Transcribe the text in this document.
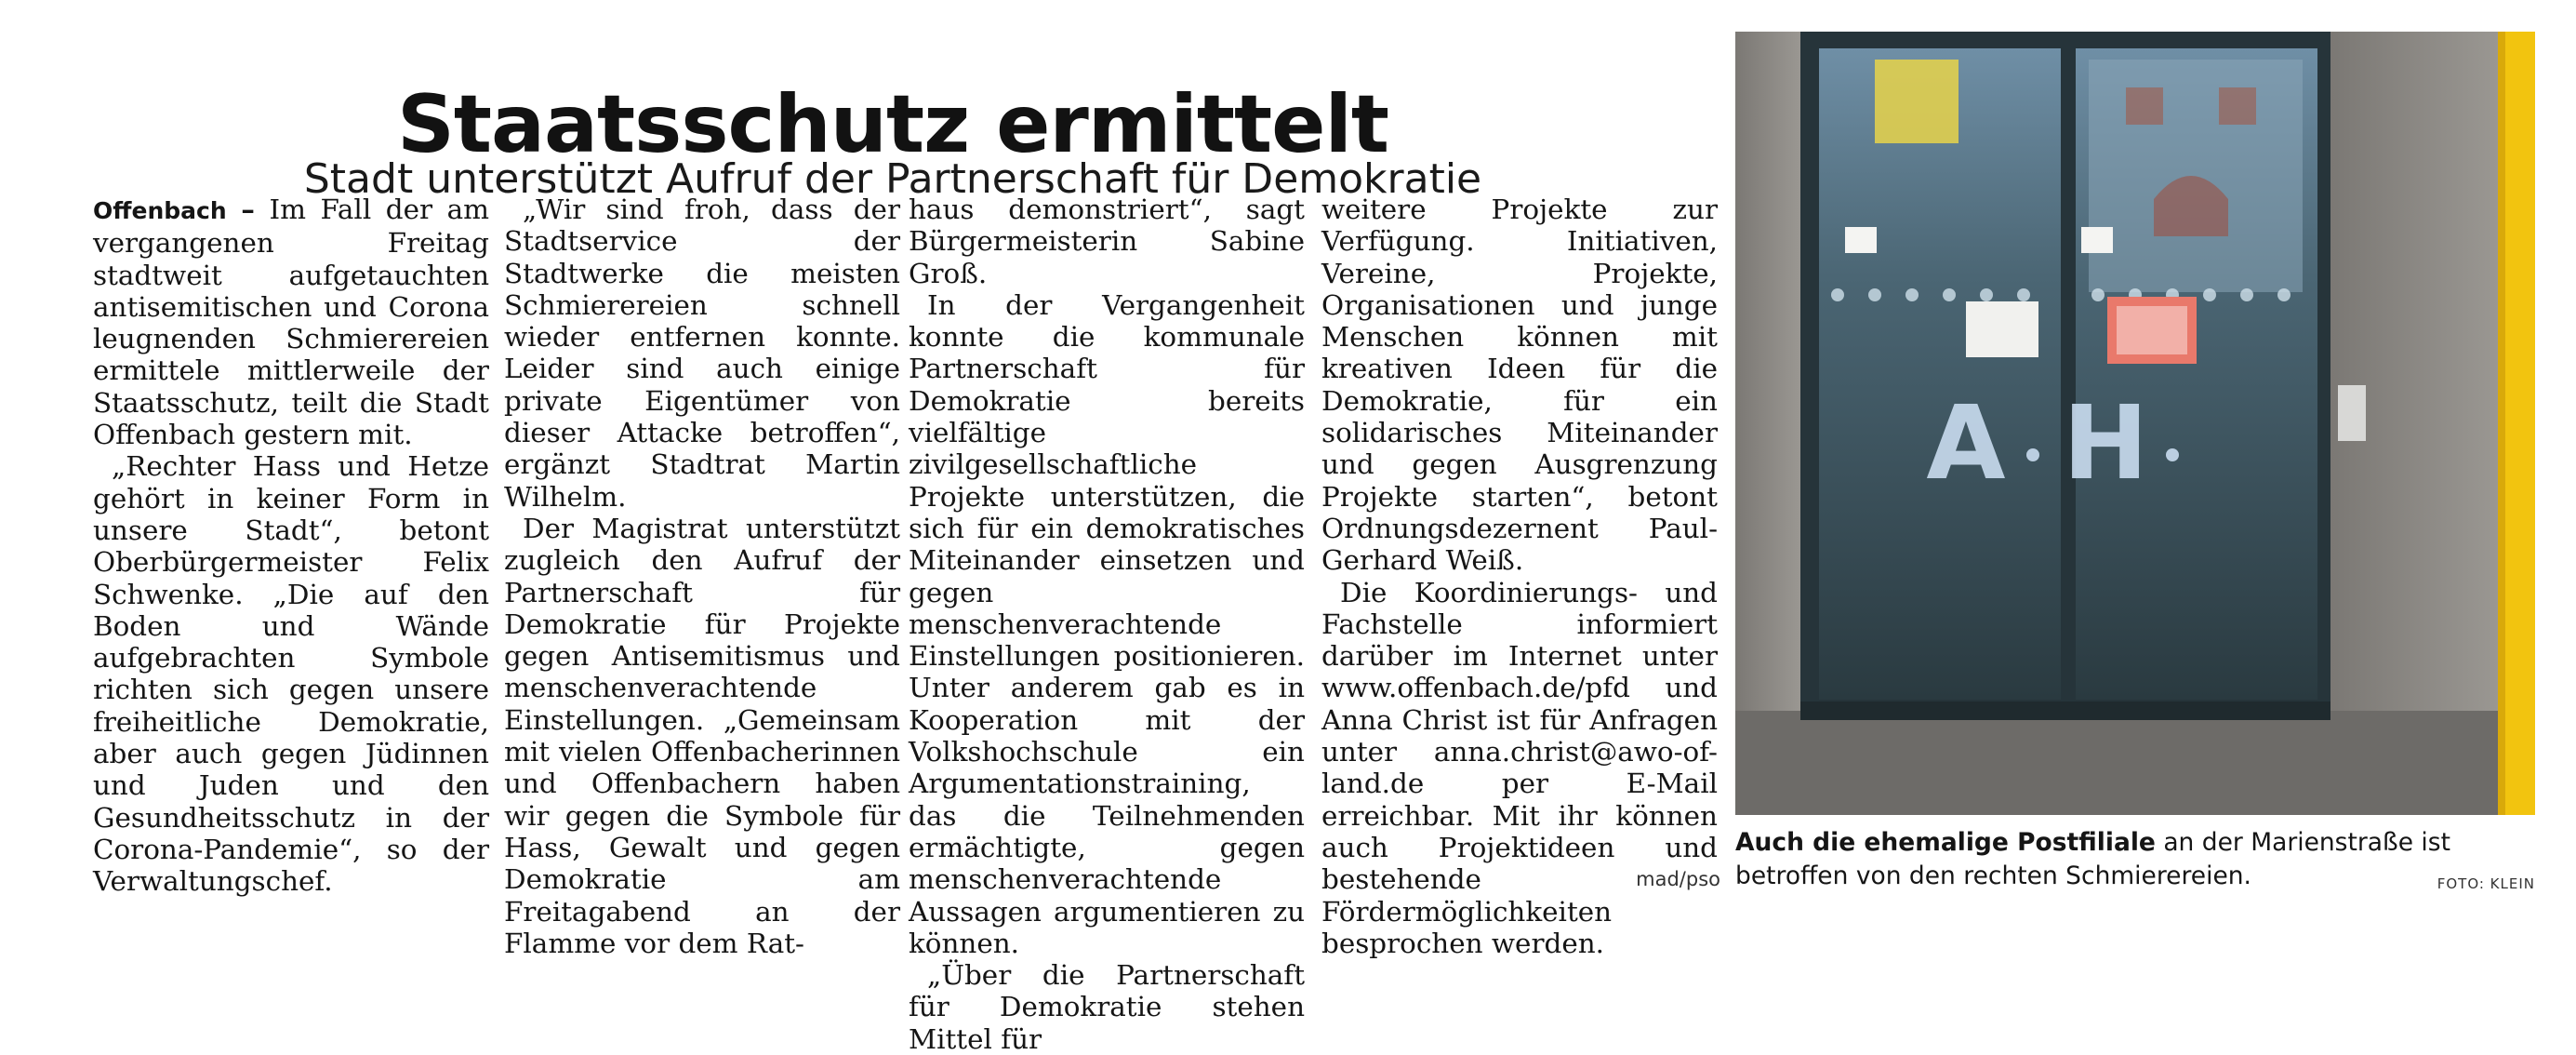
Staatsschutz ermittelt
Stadt unterstützt Aufruf der Partnerschaft für Demokratie

Offenbach – Im Fall der am vergangenen Freitag stadtweit aufgetauchten antisemitischen und Corona leugnenden Schmierereien ermittele mittlerweile der Staatsschutz, teilt die Stadt Offenbach gestern mit.

„Rechter Hass und Hetze gehört in keiner Form in unsere Stadt“, betont Oberbürgermeister Felix Schwenke. „Die auf den Boden und Wände aufgebrachten Symbole richten sich gegen unsere freiheitliche Demokratie, aber auch gegen Jüdinnen und Juden und den Gesundheitsschutz in der Corona-Pandemie“, so der Verwaltungschef.

„Wir sind froh, dass der Stadtservice der Stadtwerke die meisten Schmierereien schnell wieder entfernen konnte. Leider sind auch einige private Eigentümer von dieser Attacke betroffen“, ergänzt Stadtrat Martin Wilhelm.

Der Magistrat unterstützt zugleich den Aufruf der Partnerschaft für Demokratie für Projekte gegen Antisemitismus und menschenverachtende Einstellungen. „Gemeinsam mit vielen Offenbacherinnen und Offenbachern haben wir gegen die Symbole für Hass, Gewalt und gegen Demokratie am Freitagabend an der Flamme vor dem Rat-

haus demonstriert“, sagt Bürgermeisterin Sabine Groß.

In der Vergangenheit konnte die kommunale Partnerschaft für Demokratie bereits vielfältige zivilgesellschaftliche Projekte unterstützen, die sich für ein demokratisches Miteinander einsetzen und gegen menschenverachtende Einstellungen positionieren. Unter anderem gab es in Kooperation mit der Volkshochschule ein Argumentationstraining, das die Teilnehmenden ermächtigte, gegen menschenverachtende Aussagen argumentieren zu können.

„Über die Partnerschaft für Demokratie stehen Mittel für

weitere Projekte zur Verfügung. Initiativen, Vereine, Projekte, Organisationen und junge Menschen können mit kreativen Ideen für die Demokratie, für ein solidarisches Miteinander und gegen Ausgrenzung Projekte starten“, betont Ordnungsdezernent Paul-Gerhard Weiß.

Die Koordinierungs- und Fachstelle informiert darüber im Internet unter www.offenbach.de/pfd und Anna Christ ist für Anfragen unter anna.christ@awo-of-land.de per E-Mail erreichbar. Mit ihr können auch Projektideen und bestehende Fördermöglichkeiten besprochen werden.

mad/pso
A H
Auch die ehemalige Postfiliale an der Marienstraße ist betroffen von den rechten Schmierereien.	FOTO: KLEIN
